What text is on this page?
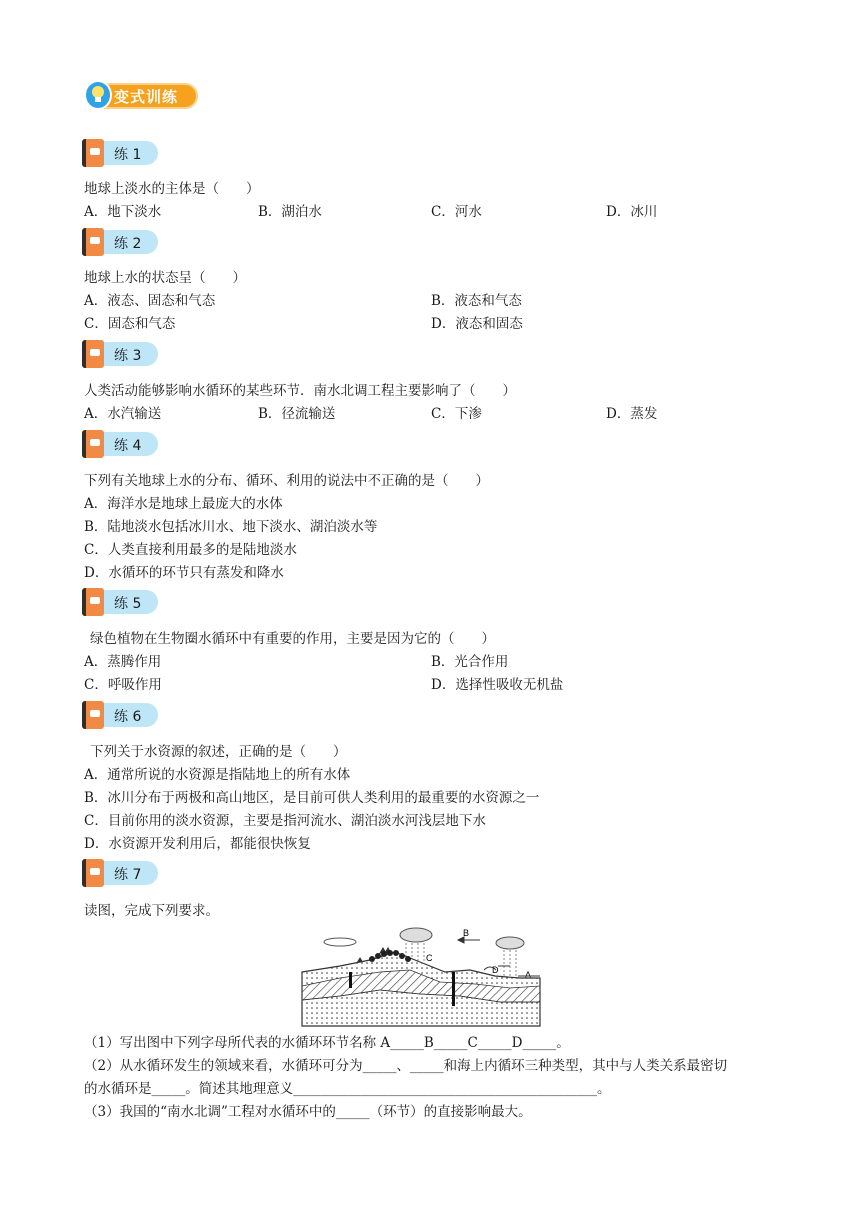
变式训练
练 1
地球上淡水的主体是（　　）
A．地下淡水	B．湖泊水	C．河水	D．冰川
练 2
地球上水的状态呈（　　）
A．液态、固态和气态	B．液态和气态
C．固态和气态	D．液态和固态
练 3
人类活动能够影响水循环的某些环节．南水北调工程主要影响了（　　）
A．水汽输送	B．径流输送	C．下渗	D．蒸发
练 4
下列有关地球上水的分布、循环、利用的说法中不正确的是（　　）
A．海洋水是地球上最庞大的水体
B．陆地淡水包括冰川水、地下淡水、湖泊淡水等
C．人类直接利用最多的是陆地淡水
D．水循环的环节只有蒸发和降水
练 5
绿色植物在生物圈水循环中有重要的作用，主要是因为它的（　　）
A．蒸腾作用	B．光合作用
C．呼吸作用	D．选择性吸收无机盐
练 6
下列关于水资源的叙述，正确的是（　　）
A．通常所说的水资源是指陆地上的所有水体
B．冰川分布于两极和高山地区，是目前可供人类利用的最重要的水资源之一
C．目前你用的淡水资源，主要是指河流水、湖泊淡水河浅层地下水
D．水资源开发利用后，都能很快恢复
练 7
读图，完成下列要求。
B
C
D	A
（1）写出图中下列字母所代表的水循环环节名称 A_____B_____C_____D_____。
（2）从水循环发生的领域来看，水循环可分为_____、_____和海上内循环三种类型，其中与人类关系最密切
的水循环是_____。简述其地理意义_____________________________________________。
（3）我国的“南水北调”工程对水循环中的_____（环节）的直接影响最大。
